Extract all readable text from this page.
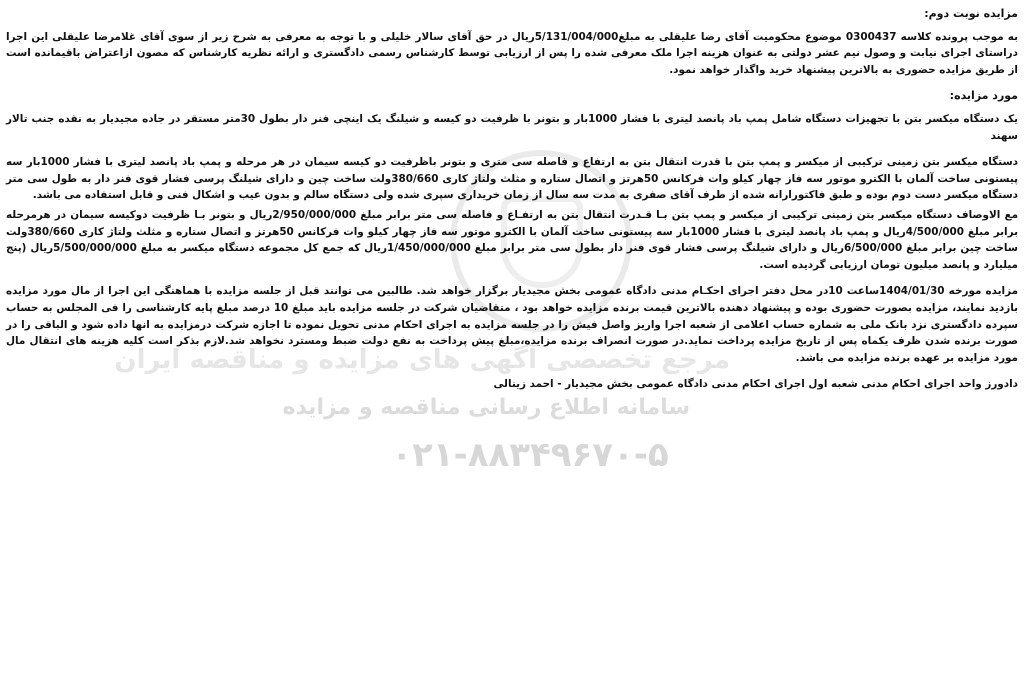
مرجع تخصصی آگهی های مزایده و مناقصه ایران
سامانه اطلاع رسانی مناقصه و مزایده
۰۲۱-۸۸۳۴۹۶۷۰-۵

مزایده نوبت دوم:

به موجب پرونده کلاسه 0300437 موضوع محکومیت آقای رضا علیقلی به مبلغ5/131/004/000ریال در حق آقای سالار خلیلی و با توجه به معرفی به شرح زیر از سوی آقای غلامرضا علیقلی این اجرا دراستای اجرای نیابت و وصول نیم عشر دولتی به عنوان هزینه اجرا ملک معرفی شده را پس از ارزیابی توسط کارشناس رسمی دادگستری و ارائه نظریه کارشناس که مصون ازاعتراض باقیمانده است از طریق مزایده حضوری به بالاترین پیشنهاد خرید واگذار خواهد نمود.

مورد مزایده:

یک دستگاه میکسر بتن با تجهیزات دستگاه شامل پمپ باد پانصد لیتری با فشار 1000بار و بتونر با ظرفیت دو کیسه و شیلنگ یک اینچی فنر دار بطول 30متر مستقر در جاده مجیدیار به نقده جنب تالار سهند

دستگاه میکسر بتن زمینی ترکیبی از میکسر و پمپ بتن با قدرت انتقال بتن به ارتفاع و فاصله سی متری و بتونر باظرفیت دو کیسه سیمان در هر مرحله و پمپ باد پانصد لیتری با فشار 1000بار سه پیستونی ساخت آلمان با الکترو موتور سه فاز چهار کیلو وات فرکانس 50هرتز و اتصال ستاره و مثلث ولتاژ کاری 380/660ولت ساخت چین و دارای شیلنگ پرسی فشار قوی فنر دار به طول سی متر دستگاه میکسر دست دوم بوده و طبق فاکتورارانه شده از طرف آقای صفری به مدت سه سال از زمان خریداری سپری شده ولی دستگاه سالم و بدون عیب و اشکال فنی و قابل استفاده می باشد.

مع الاوصاف دستگاه میکسر بتن زمینی ترکیبی از میکسر و پمپ بتن بـا قـدرت انتقال بتن به ارتفـاع و فاصله سی متر برابر مبلغ 2/950/000/000ریال و بتونر بـا ظرفیت دوکیسه سیمان در هرمرحله برابر مبلغ 4/500/000ریال و پمپ باد پانصد لیتری با فشار 1000بار سه پیستونی ساخت آلمان با الکترو موتور سه فاز چهار کیلو وات فرکانس 50هرتز و اتصال ستاره و مثلث ولتاژ کاری 380/660ولت ساخت چین برابر مبلغ 6/500/000ریال و دارای شیلنگ پرسی فشار قوی فنر دار بطول سی متر برابر مبلغ 1/450/000/000ریال که جمع کل مجموعه دستگاه میکسر به مبلغ 5/500/000/000ریال (پنج میلیارد و پانصد میلیون تومان ارزیابی گردیده است.

مزایده مورخه 1404/01/30ساعت 10در محل دفتر اجرای احکـام مدنی دادگاه عمومی بخش مجیدیار برگزار خواهد شد. طالبین می توانند قبل از جلسه مزایده با هماهنگی این اجرا از مال مورد مزایده بازدید نمایند، مزایده بصورت حضوری بوده و پیشنهاد دهنده بالاترین قیمت برنده مزایده خواهد بود ، متقاضیان شرکت در جلسه مزایده باید مبلغ 10 درصد مبلغ پایه کارشناسی را فی المجلس به حساب سپرده دادگستری نزد بانک ملی به شماره حساب اعلامی از شعبه اجرا واریز واصل فیش را در جلسه مزایده به اجرای احکام مدنی تحویل نموده تا اجازه شرکت درمزایده به انها داده شود و الباقی را در صورت برنده شدن ظرف یکماه پس از تاریخ مزایده پرداخت نماید.در صورت انصراف برنده مزایده،مبلغ پیش پرداخت به نفع دولت ضبط ومسترد نخواهد شد.لازم بذکر است کلیه هزینه های انتقال مال مورد مزایده بر عهده برنده مزایده می باشد.

دادورز واحد اجرای احکام مدنی شعبه اول اجرای احکام مدنی دادگاه عمومی بخش مجیدیار - احمد زینالی
